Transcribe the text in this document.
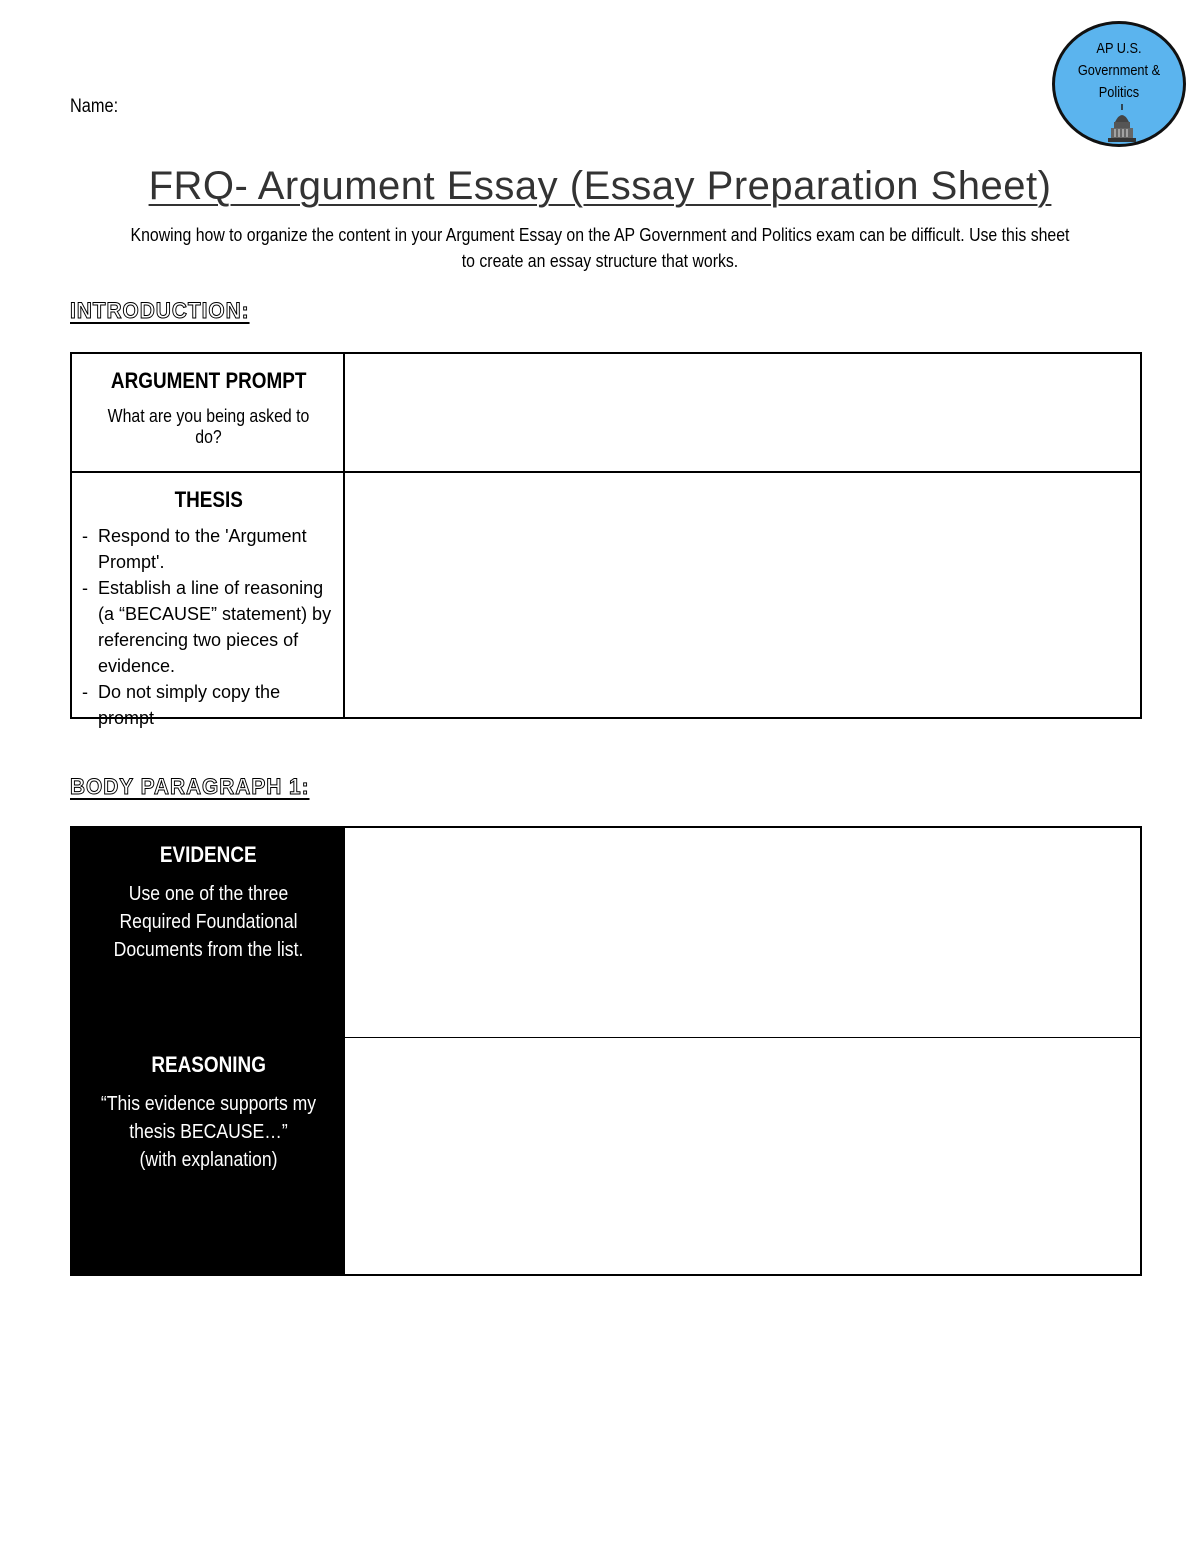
Name:
AP U.S.
Government &
Politics
FRQ- Argument Essay (Essay Preparation Sheet)
Knowing how to organize the content in your Argument Essay on the AP Government and Politics exam can be difficult. Use this sheet to create an essay structure that works.
INTRODUCTION:
ARGUMENT PROMPT
What are you being asked to do?
THESIS
- Respond to the 'Argument Prompt'.
- Establish a line of reasoning (a “BECAUSE” statement) by referencing two pieces of evidence.
- Do not simply copy the prompt
BODY PARAGRAPH 1:
EVIDENCE
Use one of the three Required Foundational Documents from the list.
REASONING
“This evidence supports my thesis BECAUSE…”
(with explanation)
